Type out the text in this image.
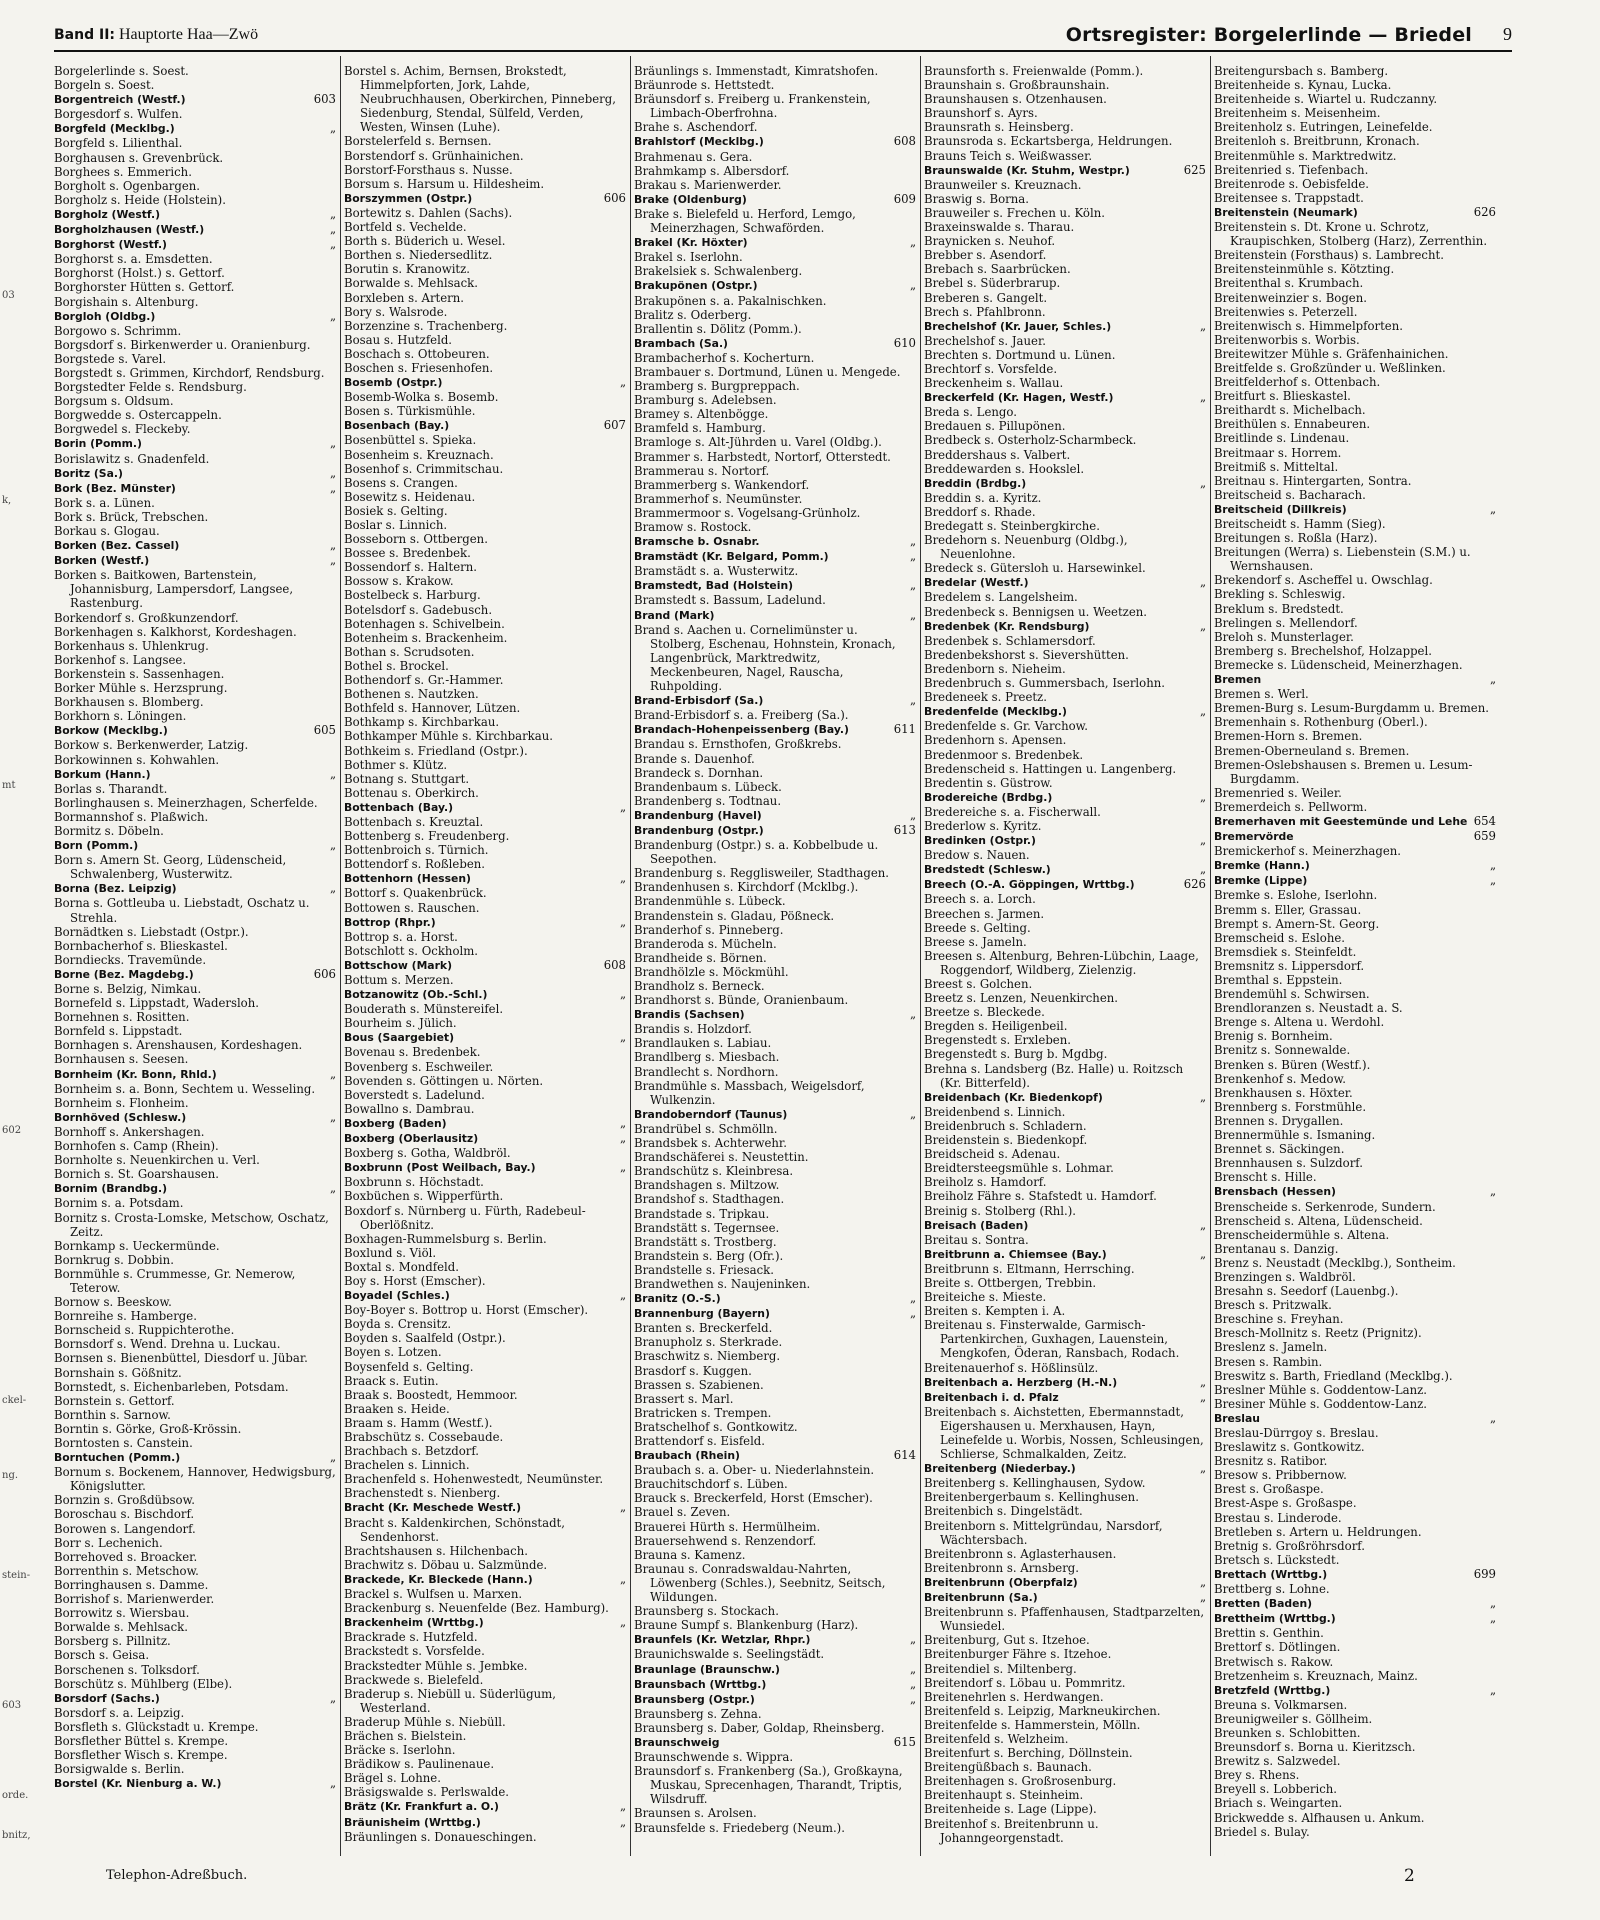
Band II: Hauptorte Haa—Zwö	Ortsregister: Borgelerlinde — Briedel 9
03
k,
mt
602
ckel-
ng.
stein-
603
orde.
bnitz,

Borgelerlinde s. Soest.

Borgeln s. Soest.

603
Borgentreich (Westf.)

Borgesdorf s. Wulfen.

„
Borgfeld (Mecklbg.)

Borgfeld s. Lilienthal.

Borghausen s. Grevenbrück.

Borghees s. Emmerich.

Borgholt s. Ogenbargen.

Borgholz s. Heide (Holstein).

„
Borgholz (Westf.)

„
Borgholzhausen (Westf.)

„
Borghorst (Westf.)

Borghorst s. a. Emsdetten.

Borghorst (Holst.) s. Gettorf.

Borghorster Hütten s. Gettorf.

Borgishain s. Altenburg.

„
Borgloh (Oldbg.)

Borgowo s. Schrimm.

Borgsdorf s. Birkenwerder u. Oranienburg.

Borgstede s. Varel.

Borgstedt s. Grimmen, Kirchdorf, Rendsburg.

Borgstedter Felde s. Rendsburg.

Borgsum s. Oldsum.

Borgwedde s. Ostercappeln.

Borgwedel s. Fleckeby.

„
Borin (Pomm.)

Borislawitz s. Gnadenfeld.

„
Boritz (Sa.)

„
Bork (Bez. Münster)

Bork s. a. Lünen.

Bork s. Brück, Trebschen.

Borkau s. Glogau.

„
Borken (Bez. Cassel)

„
Borken (Westf.)

Borken s. Baitkowen, Bartenstein, Johannisburg, Lampersdorf, Langsee, Rastenburg.

Borkendorf s. Großkunzendorf.

Borkenhagen s. Kalkhorst, Kordeshagen.

Borkenhaus s. Uhlenkrug.

Borkenhof s. Langsee.

Borkenstein s. Sassenhagen.

Borker Mühle s. Herzsprung.

Borkhausen s. Blomberg.

Borkhorn s. Löningen.

605
Borkow (Mecklbg.)

Borkow s. Berkenwerder, Latzig.

Borkowinnen s. Kohwahlen.

„
Borkum (Hann.)

Borlas s. Tharandt.

Borlinghausen s. Meinerzhagen, Scherfelde.

Bormannshof s. Plaßwich.

Bormitz s. Döbeln.

„
Born (Pomm.)

Born s. Amern St. Georg, Lüdenscheid, Schwalenberg, Wusterwitz.

„
Borna (Bez. Leipzig)

Borna s. Gottleuba u. Liebstadt, Oschatz u. Strehla.

Bornädtken s. Liebstadt (Ostpr.).

Bornbacherhof s. Blieskastel.

Borndiecks. Travemünde.

606
Borne (Bez. Magdebg.)

Borne s. Belzig, Nimkau.

Bornefeld s. Lippstadt, Wadersloh.

Bornehnen s. Rositten.

Bornfeld s. Lippstadt.

Bornhagen s. Arenshausen, Kordeshagen.

Bornhausen s. Seesen.

„
Bornheim (Kr. Bonn, Rhld.)

Bornheim s. a. Bonn, Sechtem u. Wesseling.

Bornheim s. Flonheim.

„
Bornhöved (Schlesw.)

Bornhoff s. Ankershagen.

Bornhofen s. Camp (Rhein).

Bornholte s. Neuenkirchen u. Verl.

Bornich s. St. Goarshausen.

„
Bornim (Brandbg.)

Bornim s. a. Potsdam.

Bornitz s. Crosta-Lomske, Metschow, Oschatz, Zeitz.

Bornkamp s. Ueckermünde.

Bornkrug s. Dobbin.

Bornmühle s. Crummesse, Gr. Nemerow, Teterow.

Bornow s. Beeskow.

Bornreihe s. Hamberge.

Bornscheid s. Ruppichterothe.

Bornsdorf s. Wend. Drehna u. Luckau.

Bornsen s. Bienenbüttel, Diesdorf u. Jübar.

Bornshain s. Gößnitz.

Bornstedt, s. Eichenbarleben, Potsdam.

Bornstein s. Gettorf.

Bornthin s. Sarnow.

Borntin s. Görke, Groß-Krössin.

Borntosten s. Canstein.

„
Borntuchen (Pomm.)

Bornum s. Bockenem, Hannover, Hedwigsburg, Königslutter.

Bornzin s. Großdübsow.

Boroschau s. Bischdorf.

Borowen s. Langendorf.

Borr s. Lechenich.

Borrehoved s. Broacker.

Borrenthin s. Metschow.

Borringhausen s. Damme.

Borrishof s. Marienwerder.

Borrowitz s. Wiersbau.

Borwalde s. Mehlsack.

Borsberg s. Pillnitz.

Borsch s. Geisa.

Borschenen s. Tolksdorf.

Borschütz s. Mühlberg (Elbe).

„
Borsdorf (Sachs.)

Borsdorf s. a. Leipzig.

Borsfleth s. Glückstadt u. Krempe.

Borsflether Büttel s. Krempe.

Borsflether Wisch s. Krempe.

Borsigwalde s. Berlin.

„
Borstel (Kr. Nienburg a. W.)

Borstel s. Achim, Bernsen, Brokstedt, Himmelpforten, Jork, Lahde, Neubruchhausen, Oberkirchen, Pinneberg, Siedenburg, Stendal, Sülfeld, Verden, Westen, Winsen (Luhe).

Borstelerfeld s. Bernsen.

Borstendorf s. Grünhainichen.

Borstorf-Forsthaus s. Nusse.

Borsum s. Harsum u. Hildesheim.

606
Borszymmen (Ostpr.)

Bortewitz s. Dahlen (Sachs).

Bortfeld s. Vechelde.

Borth s. Büderich u. Wesel.

Borthen s. Niedersedlitz.

Borutin s. Kranowitz.

Borwalde s. Mehlsack.

Borxleben s. Artern.

Bory s. Walsrode.

Borzenzine s. Trachenberg.

Bosau s. Hutzfeld.

Boschach s. Ottobeuren.

Boschen s. Friesenhofen.

„
Bosemb (Ostpr.)

Bosemb-Wolka s. Bosemb.

Bosen s. Türkismühle.

607
Bosenbach (Bay.)

Bosenbüttel s. Spieka.

Bosenheim s. Kreuznach.

Bosenhof s. Crimmitschau.

Bosens s. Crangen.

Bosewitz s. Heidenau.

Bosiek s. Gelting.

Boslar s. Linnich.

Bosseborn s. Ottbergen.

Bossee s. Bredenbek.

Bossendorf s. Haltern.

Bossow s. Krakow.

Bostelbeck s. Harburg.

Botelsdorf s. Gadebusch.

Botenhagen s. Schivelbein.

Botenheim s. Brackenheim.

Bothan s. Scrudsoten.

Bothel s. Brockel.

Bothendorf s. Gr.-Hammer.

Bothenen s. Nautzken.

Bothfeld s. Hannover, Lützen.

Bothkamp s. Kirchbarkau.

Bothkamper Mühle s. Kirchbarkau.

Bothkeim s. Friedland (Ostpr.).

Bothmer s. Klütz.

Botnang s. Stuttgart.

Bottenau s. Oberkirch.

„
Bottenbach (Bay.)

Bottenbach s. Kreuztal.

Bottenberg s. Freudenberg.

Bottenbroich s. Türnich.

Bottendorf s. Roßleben.

„
Bottenhorn (Hessen)

Bottorf s. Quakenbrück.

Bottowen s. Rauschen.

„
Bottrop (Rhpr.)

Bottrop s. a. Horst.

Botschlott s. Ockholm.

608
Bottschow (Mark)

Bottum s. Merzen.

„
Botzanowitz (Ob.-Schl.)

Bouderath s. Münstereifel.

Bourheim s. Jülich.

„
Bous (Saargebiet)

Bovenau s. Bredenbek.

Bovenberg s. Eschweiler.

Bovenden s. Göttingen u. Nörten.

Boverstedt s. Ladelund.

Bowallno s. Dambrau.

„
Boxberg (Baden)

„
Boxberg (Oberlausitz)

Boxberg s. Gotha, Waldbröl.

„
Boxbrunn (Post Weilbach, Bay.)

Boxbrunn s. Höchstadt.

Boxbüchen s. Wipperfürth.

Boxdorf s. Nürnberg u. Fürth, Radebeul-Oberlößnitz.

Boxhagen-Rummelsburg s. Berlin.

Boxlund s. Viöl.

Boxtal s. Mondfeld.

Boy s. Horst (Emscher).

„
Boyadel (Schles.)

Boy-Boyer s. Bottrop u. Horst (Emscher).

Boyda s. Crensitz.

Boyden s. Saalfeld (Ostpr.).

Boyen s. Lotzen.

Boysenfeld s. Gelting.

Braack s. Eutin.

Braak s. Boostedt, Hemmoor.

Braaken s. Heide.

Braam s. Hamm (Westf.).

Brabschütz s. Cossebaude.

Brachbach s. Betzdorf.

Brachelen s. Linnich.

Brachenfeld s. Hohenwestedt, Neumünster.

Brachenstedt s. Nienberg.

„
Bracht (Kr. Meschede Westf.)

Bracht s. Kaldenkirchen, Schönstadt, Sendenhorst.

Brachtshausen s. Hilchenbach.

Brachwitz s. Döbau u. Salzmünde.

„
Brackede, Kr. Bleckede (Hann.)

Brackel s. Wulfsen u. Marxen.

Brackenburg s. Neuenfelde (Bez. Hamburg).

„
Brackenheim (Wrttbg.)

Brackrade s. Hutzfeld.

Brackstedt s. Vorsfelde.

Brackstedter Mühle s. Jembke.

Brackwede s. Bielefeld.

Braderup s. Niebüll u. Süderlügum, Westerland.

Braderup Mühle s. Niebüll.

Brächen s. Bielstein.

Bräcke s. Iserlohn.

Brädikow s. Paulinenaue.

Brägel s. Lohne.

Bräsigswalde s. Perlswalde.

„
Brätz (Kr. Frankfurt a. O.)

„
Bräunisheim (Wrttbg.)

Bräunlingen s. Donaueschingen.

Bräunlings s. Immenstadt, Kimratshofen.

Bräunrode s. Hettstedt.

Bräunsdorf s. Freiberg u. Frankenstein, Limbach-Oberfrohna.

Brahe s. Aschendorf.

608
Brahlstorf (Mecklbg.)

Brahmenau s. Gera.

Brahmkamp s. Albersdorf.

Brakau s. Marienwerder.

609
Brake (Oldenburg)

Brake s. Bielefeld u. Herford, Lemgo, Meinerzhagen, Schwaförden.

„
Brakel (Kr. Höxter)

Brakel s. Iserlohn.

Brakelsiek s. Schwalenberg.

„
Brakupönen (Ostpr.)

Brakupönen s. a. Pakalnischken.

Bralitz s. Oderberg.

Brallentin s. Dölitz (Pomm.).

610
Brambach (Sa.)

Brambacherhof s. Kocherturn.

Brambauer s. Dortmund, Lünen u. Mengede.

Bramberg s. Burgpreppach.

Bramburg s. Adelebsen.

Bramey s. Altenbögge.

Bramfeld s. Hamburg.

Bramloge s. Alt-Jührden u. Varel (Oldbg.).

Brammer s. Harbstedt, Nortorf, Otterstedt.

Brammerau s. Nortorf.

Brammerberg s. Wankendorf.

Brammerhof s. Neumünster.

Brammermoor s. Vogelsang-Grünholz.

Bramow s. Rostock.

„
Bramsche b. Osnabr.

„
Bramstädt (Kr. Belgard, Pomm.)

Bramstädt s. a. Wusterwitz.

„
Bramstedt, Bad (Holstein)

Bramstedt s. Bassum, Ladelund.

„
Brand (Mark)

Brand s. Aachen u. Cornelimünster u. Stolberg, Eschenau, Hohnstein, Kronach, Langenbrück, Marktredwitz, Meckenbeuren, Nagel, Rauscha, Ruhpolding.

„
Brand-Erbisdorf (Sa.)

Brand-Erbisdorf s. a. Freiberg (Sa.).

611
Brandach-Hohenpeissenberg (Bay.)

Brandau s. Ernsthofen, Großkrebs.

Brande s. Dauenhof.

Brandeck s. Dornhan.

Brandenbaum s. Lübeck.

Brandenberg s. Todtnau.

„
Brandenburg (Havel)

613
Brandenburg (Ostpr.)

Brandenburg (Ostpr.) s. a. Kobbelbude u. Seepothen.

Brandenburg s. Regglisweiler, Stadthagen.

Brandenhusen s. Kirchdorf (Mcklbg.).

Brandenmühle s. Lübeck.

Brandenstein s. Gladau, Pößneck.

Branderhof s. Pinneberg.

Branderoda s. Mücheln.

Brandheide s. Börnen.

Brandhölzle s. Möckmühl.

Brandholz s. Berneck.

Brandhorst s. Bünde, Oranienbaum.

„
Brandis (Sachsen)

Brandis s. Holzdorf.

Brandlauken s. Labiau.

Brandlberg s. Miesbach.

Brandlecht s. Nordhorn.

Brandmühle s. Massbach, Weigelsdorf, Wulkenzin.

„
Brandoberndorf (Taunus)

Brandrübel s. Schmölln.

Brandsbek s. Achterwehr.

Brandschäferei s. Neustettin.

Brandschütz s. Kleinbresa.

Brandshagen s. Miltzow.

Brandshof s. Stadthagen.

Brandstade s. Tripkau.

Brandstätt s. Tegernsee.

Brandstätt s. Trostberg.

Brandstein s. Berg (Ofr.).

Brandstelle s. Friesack.

Brandwethen s. Naujeninken.

„
Branitz (O.-S.)

„
Brannenburg (Bayern)

Branten s. Breckerfeld.

Branupholz s. Sterkrade.

Braschwitz s. Niemberg.

Brasdorf s. Kuggen.

Brassen s. Szabienen.

Brassert s. Marl.

Bratricken s. Trempen.

Bratschelhof s. Gontkowitz.

Brattendorf s. Eisfeld.

614
Braubach (Rhein)

Braubach s. a. Ober- u. Niederlahnstein.

Brauchitschdorf s. Lüben.

Brauck s. Breckerfeld, Horst (Emscher).

Brauel s. Zeven.

Brauerei Hürth s. Hermülheim.

Brauersehwend s. Renzendorf.

Brauna s. Kamenz.

Braunau s. Conradswaldau-Nahrten, Löwenberg (Schles.), Seebnitz, Seitsch, Wildungen.

Braunsberg s. Stockach.

Braune Sumpf s. Blankenburg (Harz).

„
Braunfels (Kr. Wetzlar, Rhpr.)

Braunichswalde s. Seelingstädt.

„
Braunlage (Braunschw.)

„
Braunsbach (Wrttbg.)

„
Braunsberg (Ostpr.)

Braunsberg s. Zehna.

Braunsberg s. Daber, Goldap, Rheinsberg.

615
Braunschweig

Braunschwende s. Wippra.

Braunsdorf s. Frankenberg (Sa.), Großkayna, Muskau, Sprecenhagen, Tharandt, Triptis, Wilsdruff.

Braunsen s. Arolsen.

Braunsfelde s. Friedeberg (Neum.).

Braunsforth s. Freienwalde (Pomm.).

Braunshain s. Großbraunshain.

Braunshausen s. Otzenhausen.

Braunshorf s. Ayrs.

Braunsrath s. Heinsberg.

Braunsroda s. Eckartsberga, Heldrungen.

Brauns Teich s. Weißwasser.

625
Braunswalde (Kr. Stuhm, Westpr.)

Braunweiler s. Kreuznach.

Braswig s. Borna.

Brauweiler s. Frechen u. Köln.

Braxeinswalde s. Tharau.

Braynicken s. Neuhof.

Brebber s. Asendorf.

Brebach s. Saarbrücken.

Brebel s. Süderbrarup.

Breberen s. Gangelt.

Brech s. Pfahlbronn.

„
Brechelshof (Kr. Jauer, Schles.)

Brechelshof s. Jauer.

Brechten s. Dortmund u. Lünen.

Brechtorf s. Vorsfelde.

Breckenheim s. Wallau.

„
Breckerfeld (Kr. Hagen, Westf.)

Breda s. Lengo.

Bredauen s. Pillupönen.

Bredbeck s. Osterholz-Scharmbeck.

Breddershaus s. Valbert.

Breddewarden s. Hookslel.

„
Breddin (Brdbg.)

Breddin s. a. Kyritz.

Breddorf s. Rhade.

Bredegatt s. Steinbergkirche.

Bredehorn s. Neuenburg (Oldbg.), Neuenlohne.

Bredeck s. Gütersloh u. Harsewinkel.

„
Bredelar (Westf.)

Bredelem s. Langelsheim.

Bredenbeck s. Bennigsen u. Weetzen.

„
Bredenbek (Kr. Rendsburg)

Bredenbek s. Schlamersdorf.

Bredenbekshorst s. Sievershütten.

Bredenborn s. Nieheim.

Bredenbruch s. Gummersbach, Iserlohn.

Bredeneek s. Preetz.

„
Bredenfelde (Mecklbg.)

Bredenfelde s. Gr. Varchow.

Bredenhorn s. Apensen.

Bredenmoor s. Bredenbek.

Bredenscheid s. Hattingen u. Langenberg.

Bredentin s. Güstrow.

„
Brodereiche (Brdbg.)

Bredereiche s. a. Fischerwall.

Brederlow s. Kyritz.

„
Bredinken (Ostpr.)

Bredow s. Nauen.

„
Bredstedt (Schlesw.)

626
Breech (O.-A. Göppingen, Wrttbg.)

Breech s. a. Lorch.

Breechen s. Jarmen.

Breede s. Gelting.

Breese s. Jameln.

Breesen s. Altenburg, Behren-Lübchin, Laage, Roggendorf, Wildberg, Zielenzig.

Breest s. Golchen.

Breetz s. Lenzen, Neuenkirchen.

Breetze s. Bleckede.

Bregden s. Heiligenbeil.

Bregenstedt s. Erxleben.

Bregenstedt s. Burg b. Mgdbg.

Brehna s. Landsberg (Bz. Halle) u. Roitzsch (Kr. Bitterfeld).

„
Breidenbach (Kr. Biedenkopf)

Breidenbend s. Linnich.

Breidenbruch s. Schladern.

Breidenstein s. Biedenkopf.

Breidscheid s. Adenau.

Breidtersteegsmühle s. Lohmar.

Breiholz s. Hamdorf.

Breiholz Fähre s. Stafstedt u. Hamdorf.

Breinig s. Stolberg (Rhl.).

„
Breisach (Baden)

Breitau s. Sontra.

„
Breitbrunn a. Chiemsee (Bay.)

Breitbrunn s. Eltmann, Herrsching.

Breite s. Ottbergen, Trebbin.

Breiteiche s. Mieste.

Breiten s. Kempten i. A.

Breitenau s. Finsterwalde, Garmisch-Partenkirchen, Guxhagen, Lauenstein, Mengkofen, Öderan, Ransbach, Rodach.

Breitenauerhof s. Hößlinsülz.

„
Breitenbach a. Herzberg (H.-N.)

„
Breitenbach i. d. Pfalz

Breitenbach s. Aichstetten, Ebermannstadt, Eigershausen u. Merxhausen, Hayn, Leinefelde u. Worbis, Nossen, Schleusingen, Schlierse, Schmalkalden, Zeitz.

„
Breitenberg (Niederbay.)

Breitenberg s. Kellinghausen, Sydow.

Breitenbergerbaum s. Kellinghusen.

Breitenbich s. Dingelstädt.

Breitenborn s. Mittelgründau, Narsdorf, Wächtersbach.

Breitenbronn s. Aglasterhausen.

Breitenbronn s. Arnsberg.

„
Breitenbrunn (Oberpfalz)

„
Breitenbrunn (Sa.)

Breitenbrunn s. Pfaffenhausen, Stadtparzelten, Wunsiedel.

Breitenburg, Gut s. Itzehoe.

Breitenburger Fähre s. Itzehoe.

Breitendiel s. Miltenberg.

Breitendorf s. Löbau u. Pommritz.

Breitenehrlen s. Herdwangen.

Breitenfeld s. Leipzig, Markneukirchen.

Breitenfelde s. Hammerstein, Mölln.

Breitenfeld s. Welzheim.

Breitenfurt s. Berching, Döllnstein.

Breitengüßbach s. Baunach.

Breitenhagen s. Großrosenburg.

Breitenhaupt s. Steinheim.

Breitenheide s. Lage (Lippe).

Breitenhof s. Breitenbrunn u. Johanngeorgenstadt.

Breitengursbach s. Bamberg.

Breitenheide s. Kynau, Lucka.

Breitenheide s. Wiartel u. Rudczanny.

Breitenheim s. Meisenheim.

Breitenholz s. Eutringen, Leinefelde.

Breitenloh s. Breitbrunn, Kronach.

Breitenmühle s. Marktredwitz.

Breitenried s. Tiefenbach.

Breitenrode s. Oebisfelde.

Breitensee s. Trappstadt.

626
Breitenstein (Neumark)

Breitenstein s. Dt. Krone u. Schrotz, Kraupischken, Stolberg (Harz), Zerrenthin.

Breitenstein (Forsthaus) s. Lambrecht.

Breitensteinmühle s. Kötzting.

Breitenthal s. Krumbach.

Breitenweinzier s. Bogen.

Breitenwies s. Peterzell.

Breitenwisch s. Himmelpforten.

Breitenworbis s. Worbis.

Breitewitzer Mühle s. Gräfenhainichen.

Breitfelde s. Großzünder u. Weßlinken.

Breitfelderhof s. Ottenbach.

Breitfurt s. Blieskastel.

Breithardt s. Michelbach.

Breithülen s. Ennabeuren.

Breitlinde s. Lindenau.

Breitmaar s. Horrem.

Breitmiß s. Mitteltal.

Breitnau s. Hintergarten, Sontra.

Breitscheid s. Bacharach.

„
Breitscheid (Dillkreis)

Breitscheidt s. Hamm (Sieg).

Breitungen s. Roßla (Harz).

Breitungen (Werra) s. Liebenstein (S.M.) u. Wernshausen.

Brekendorf s. Ascheffel u. Owschlag.

Brekling s. Schleswig.

Breklum s. Bredstedt.

Brelingen s. Mellendorf.

Breloh s. Munsterlager.

Bremberg s. Brechelshof, Holzappel.

Bremecke s. Lüdenscheid, Meinerzhagen.

„
Bremen

Bremen s. Werl.

Bremen-Burg s. Lesum-Burgdamm u. Bremen.

Bremenhain s. Rothenburg (Oberl.).

Bremen-Horn s. Bremen.

Bremen-Oberneuland s. Bremen.

Bremen-Oslebshausen s. Bremen u. Lesum-Burgdamm.

Bremenried s. Weiler.

Bremerdeich s. Pellworm.

654
Bremerhaven mit Geestemünde und Lehe

659
Bremervörde

Bremickerhof s. Meinerzhagen.

„
Bremke (Hann.)

„
Bremke (Lippe)

Bremke s. Eslohe, Iserlohn.

Bremm s. Eller, Grassau.

Brempt s. Amern-St. Georg.

Bremscheid s. Eslohe.

Bremsdiek s. Steinfeldt.

Bremsnitz s. Lippersdorf.

Bremthal s. Eppstein.

Brendemühl s. Schwirsen.

Brendloranzen s. Neustadt a. S.

Brenge s. Altena u. Werdohl.

Brenig s. Bornheim.

Brenitz s. Sonnewalde.

Brenken s. Büren (Westf.).

Brenkenhof s. Medow.

Brenkhausen s. Höxter.

Brennberg s. Forstmühle.

Brennen s. Drygallen.

Brennermühle s. Ismaning.

Brennet s. Säckingen.

Brennhausen s. Sulzdorf.

Brenscht s. Hille.

„
Brensbach (Hessen)

Brenscheide s. Serkenrode, Sundern.

Brenscheid s. Altena, Lüdenscheid.

Brenscheidermühle s. Altena.

Brentanau s. Danzig.

Brenz s. Neustadt (Mecklbg.), Sontheim.

Brenzingen s. Waldbröl.

Bresahn s. Seedorf (Lauenbg.).

Bresch s. Pritzwalk.

Breschine s. Freyhan.

Bresch-Mollnitz s. Reetz (Prignitz).

Breslenz s. Jameln.

Bresen s. Rambin.

Breswitz s. Barth, Friedland (Mecklbg.).

Breslner Mühle s. Goddentow-Lanz.

Bresiner Mühle s. Goddentow-Lanz.

„
Breslau

Breslau-Dürrgoy s. Breslau.

Breslawitz s. Gontkowitz.

Bresnitz s. Ratibor.

Bresow s. Pribbernow.

Brest s. Großaspe.

Brest-Aspe s. Großaspe.

Brestau s. Linderode.

Bretleben s. Artern u. Heldrungen.

Bretnig s. Großröhrsdorf.

Bretsch s. Lückstedt.

699
Brettach (Wrttbg.)

Brettberg s. Lohne.

„
Bretten (Baden)

„
Brettheim (Wrttbg.)

Brettin s. Genthin.

Brettorf s. Dötlingen.

Bretwisch s. Rakow.

Bretzenheim s. Kreuznach, Mainz.

„
Bretzfeld (Wrttbg.)

Breuna s. Volkmarsen.

Breunigweiler s. Göllheim.

Breunken s. Schlobitten.

Breunsdorf s. Borna u. Kieritzsch.

Brewitz s. Salzwedel.

Brey s. Rhens.

Breyell s. Lobberich.

Briach s. Weingarten.

Brickwedde s. Alfhausen u. Ankum.

Briedel s. Bulay.

Telephon-Adreßbuch.	2
